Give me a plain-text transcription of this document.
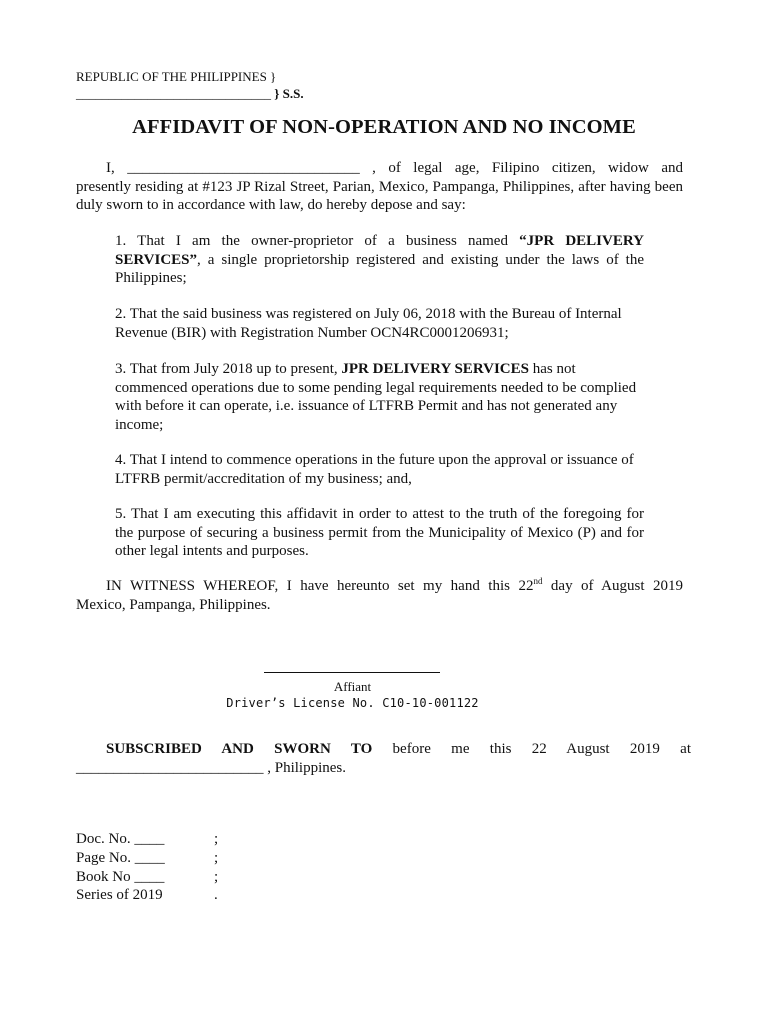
REPUBLIC OF THE PHILIPPINES }
______________________________ } S.S.
AFFIDAVIT OF NON-OPERATION AND NO INCOME
I, _______________________________ , of legal age, Filipino citizen, widow and
presently residing at #123 JP Rizal Street, Parian, Mexico, Pampanga, Philippines, after having been duly sworn to in accordance with law, do hereby depose and say:
1. That I am the owner-proprietor of a business named “JPR DELIVERY SERVICES”, a single proprietorship registered and existing under the laws of the Philippines;
2. That the said business was registered on July 06, 2018 with the Bureau of Internal Revenue (BIR) with Registration Number OCN4RC0001206931;
3. That from July 2018 up to present, JPR DELIVERY SERVICES has not commenced operations due to some pending legal requirements needed to be complied with before it can operate, i.e. issuance of LTFRB Permit and has not generated any income;
4. That I intend to commence operations in the future upon the approval or issuance of LTFRB permit/accreditation of my business; and,
5. That I am executing this affidavit in order to attest to the truth of the foregoing for the purpose of securing a business permit from the Municipality of Mexico (P) and for other legal intents and purposes.
IN WITNESS WHEREOF, I have hereunto set my hand this 22nd day of August 2019
Mexico, Pampanga, Philippines.
Affiant
Driver’s License No. C10-10-001122
SUBSCRIBED AND SWORN TO before me this 22 August 2019 at
_________________________ , Philippines.
Doc. No. ____	;
Page No. ____	;
Book No ____	;
Series of 2019	.
